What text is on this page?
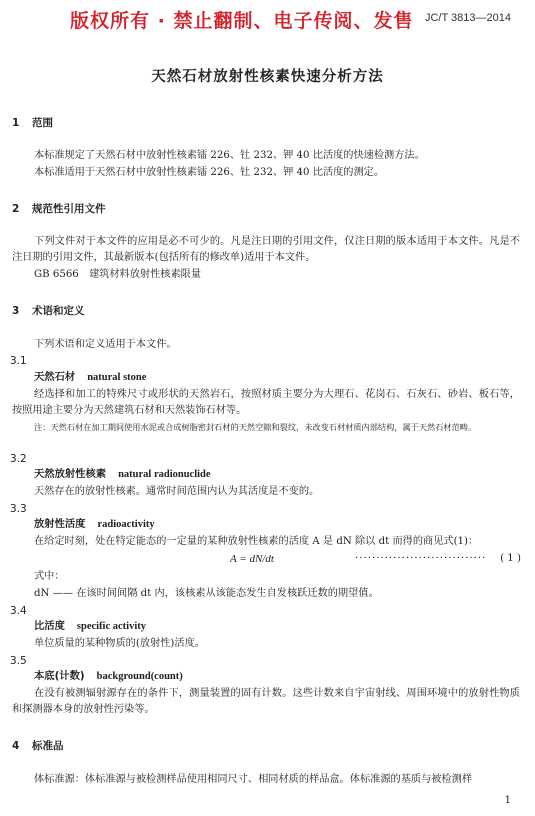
版权所有 · 禁止翻制、电子传阅、发售 JC/T 3813—2014
天然石材放射性核素快速分析方法
1 范围
本标准规定了天然石材中放射性核素镭 226、钍 232、钾 40 比活度的快速检测方法。
本标准适用于天然石材中放射性核素镭 226、钍 232、钾 40 比活度的测定。
2 规范性引用文件
下列文件对于本文件的应用是必不可少的。凡是注日期的引用文件，仅注日期的版本适用于本文件。凡是不注日期的引用文件，其最新版本(包括所有的修改单)适用于本文件。
GB 6566　建筑材料放射性核素限量
3 术语和定义
下列术语和定义适用于本文件。
3.1
天然石材 natural stone
经选择和加工的特殊尺寸或形状的天然岩石，按照材质主要分为大理石、花岗石、石灰石、砂岩、板石等，按照用途主要分为天然建筑石材和天然装饰石材等。
注：天然石材在加工期间使用水泥或合成树脂密封石材的天然空隙和裂纹，未改变石材材质内部结构，属于天然石材范畴。
3.2
天然放射性核素 natural radionuclide
天然存在的放射性核素。通常时间范围内认为其活度是不变的。
3.3
放射性活度 radioactivity
在给定时刻，处在特定能态的一定量的某种放射性核素的活度 A 是 dN 除以 dt 而得的商见式(1)：
A = dN/dt	······························· ( 1 )
式中：
dN —— 在该时间间隔 dt 内，该核素从该能态发生自发核跃迁数的期望值。
3.4
比活度 specific activity
单位质量的某种物质的(放射性)活度。
3.5
本底(计数) background(count)
在没有被测辐射源存在的条件下，测量装置的固有计数。这些计数来自宇宙射线、周围环境中的放射性物质和探测器本身的放射性污染等。
4 标准品
体标准源：体标准源与被检测样品使用相同尺寸、相同材质的样品盒。体标准源的基质与被检测样
1
